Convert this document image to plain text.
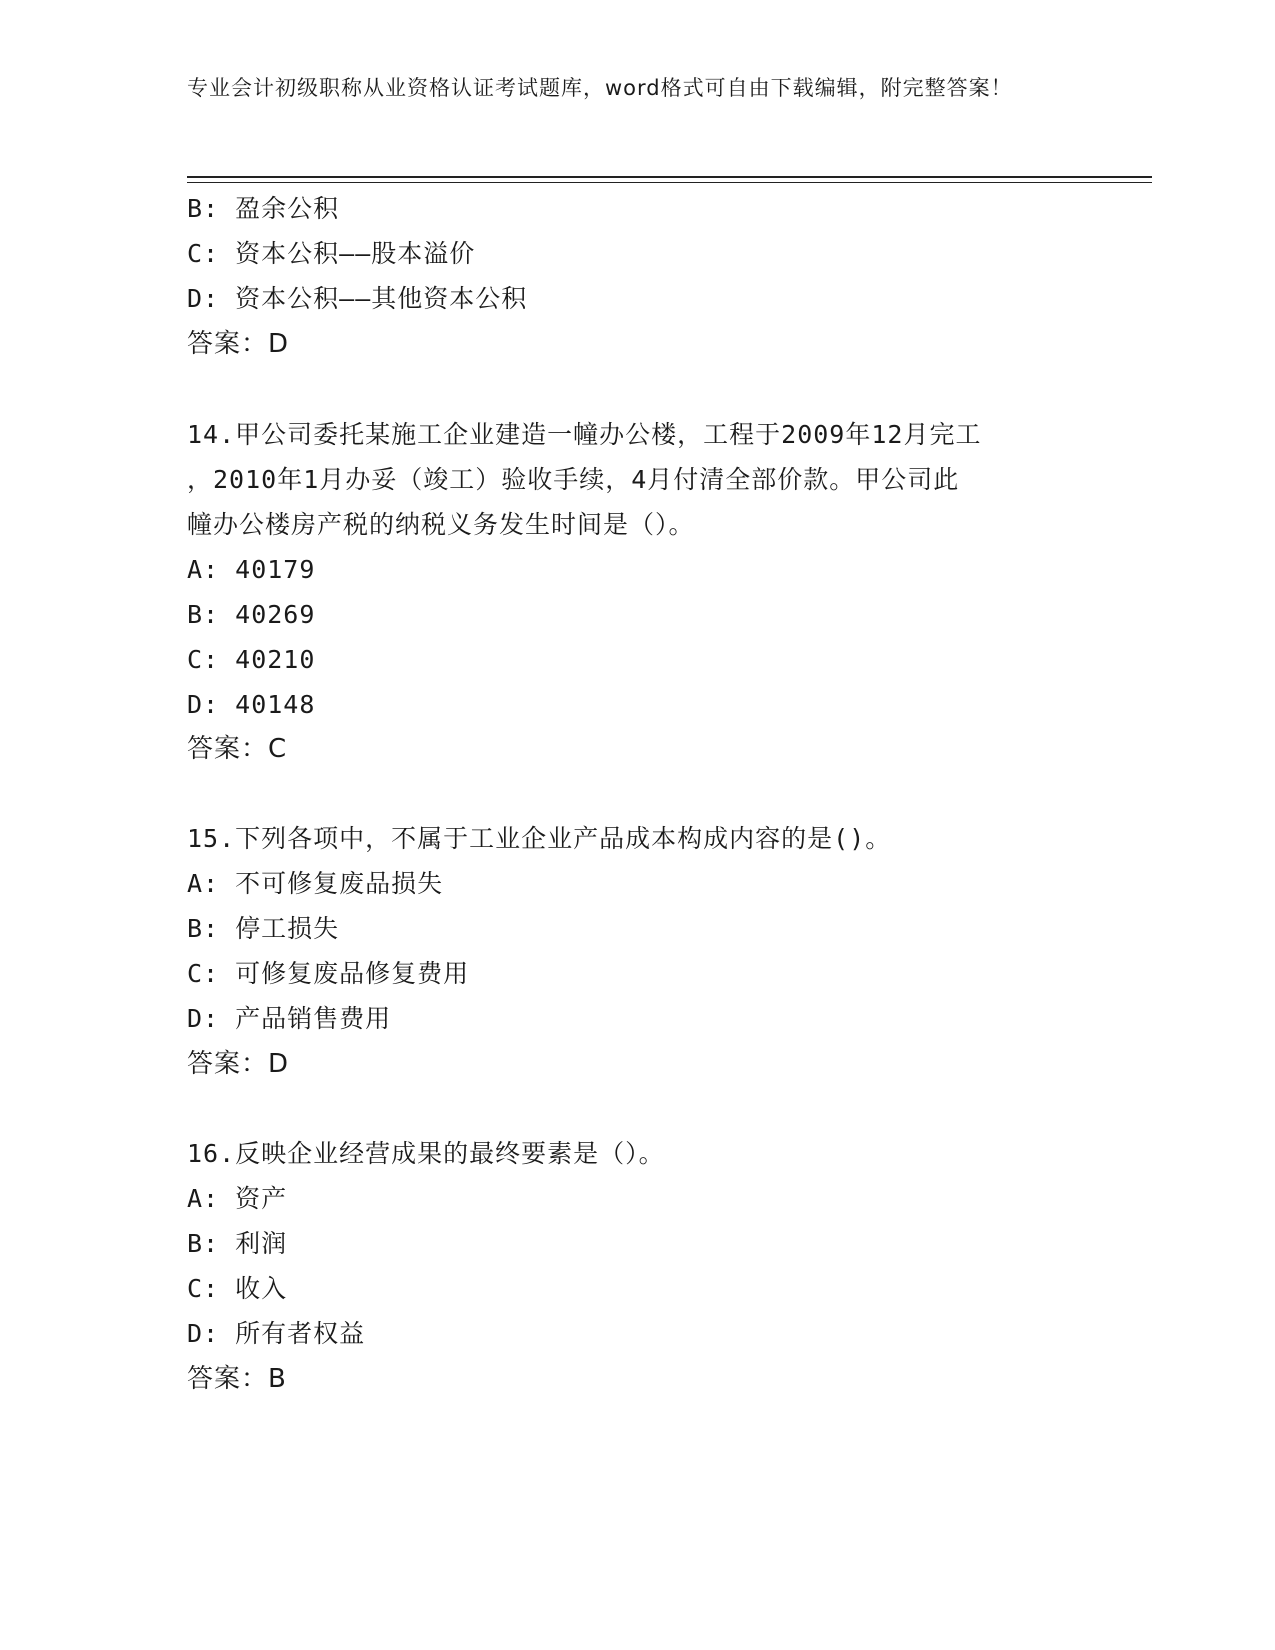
专业会计初级职称从业资格认证考试题库，word格式可自由下载编辑，附完整答案！
B: 盈余公积
C: 资本公积——股本溢价
D: 资本公积——其他资本公积
答案：D
14.甲公司委托某施工企业建造一幢办公楼，工程于2009年12月完工
，2010年1月办妥（竣工）验收手续，4月付清全部价款。甲公司此
幢办公楼房产税的纳税义务发生时间是（）。
A: 40179
B: 40269
C: 40210
D: 40148
答案：C
15.下列各项中，不属于工业企业产品成本构成内容的是()。
A: 不可修复废品损失
B: 停工损失
C: 可修复废品修复费用
D: 产品销售费用
答案：D
16.反映企业经营成果的最终要素是（）。
A: 资产
B: 利润
C: 收入
D: 所有者权益
答案：B
